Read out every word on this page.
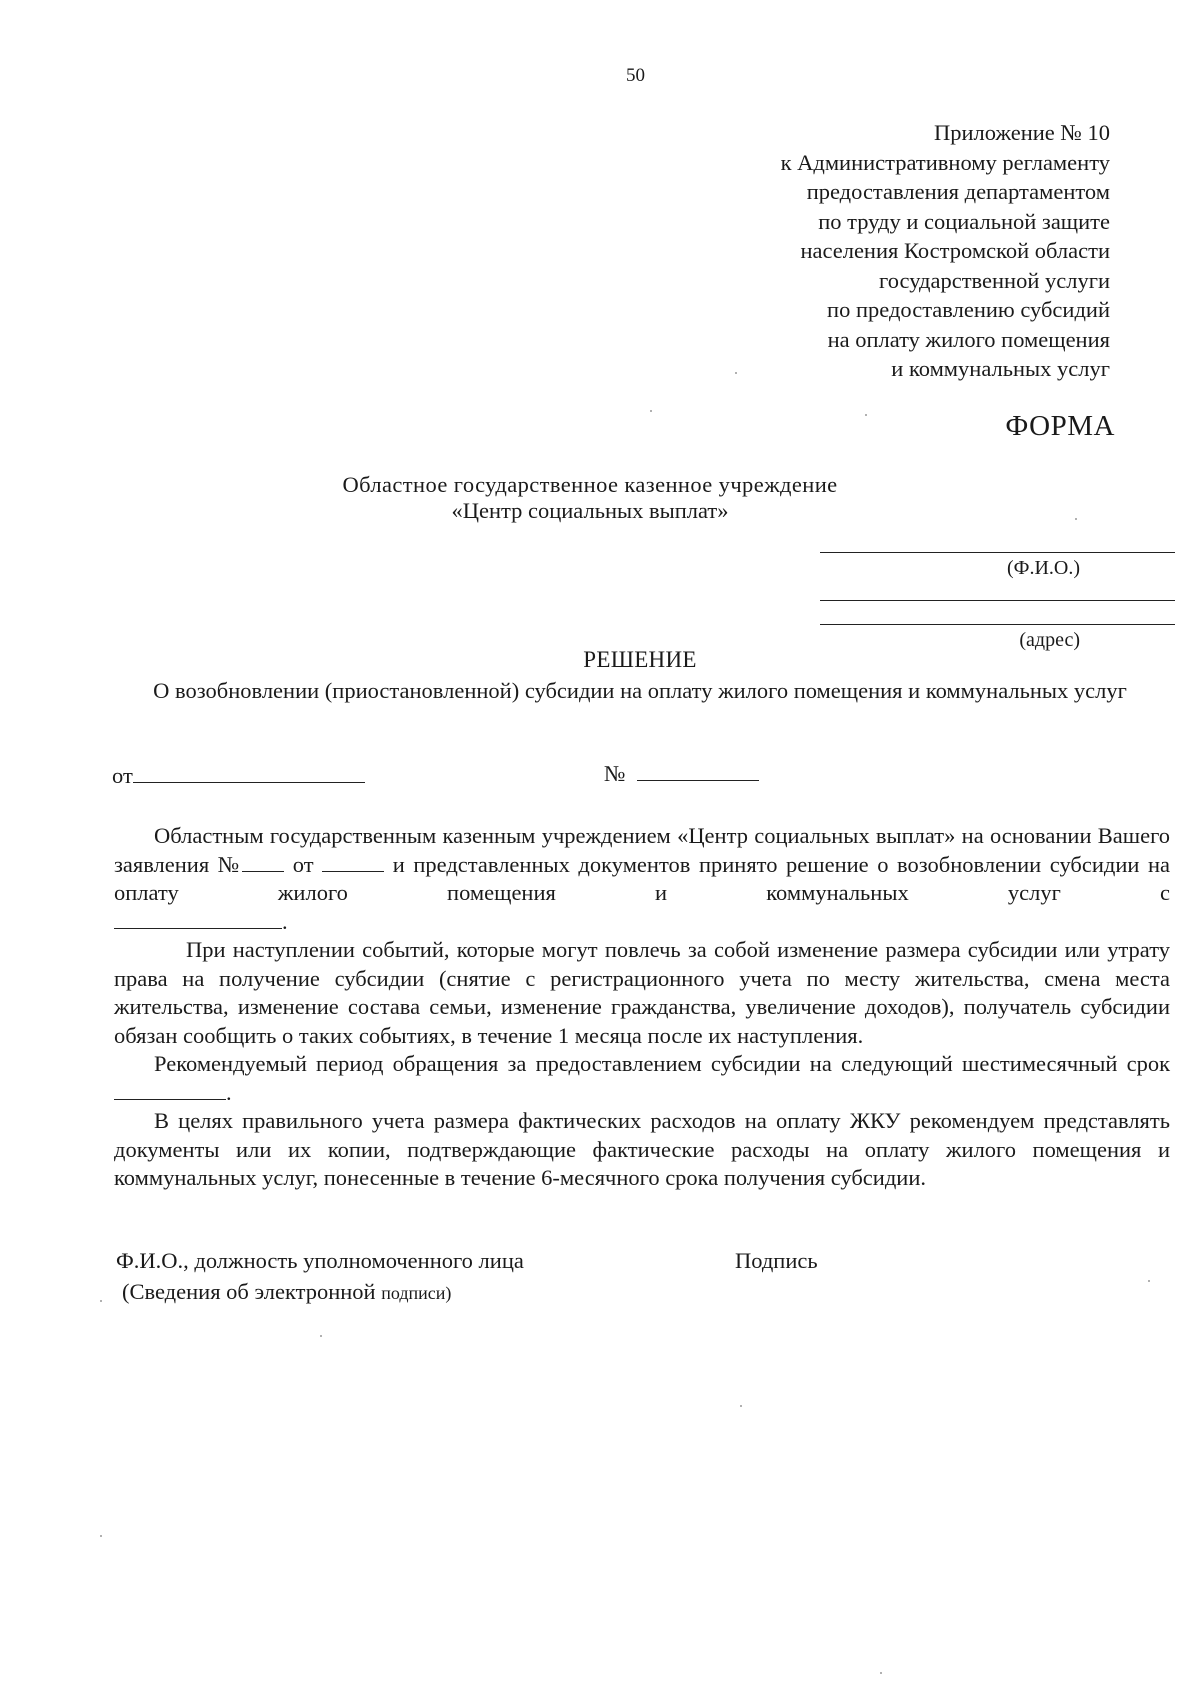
50
Приложение № 10
к Административному регламенту
предоставления департаментом
по труду и социальной защите
населения Костромской области
государственной услуги
по предоставлению субсидий
на оплату жилого помещения
и коммунальных услуг
ФОРМА
Областное государственное казенное учреждение
«Центр социальных выплат»
(Ф.И.О.)
(адрес)
РЕШЕНИЕ
О возобновлении (приостановленной) субсидии на оплату жилого помещения и коммунальных услуг
от	№

Областным государственным казенным учреждением «Центр социальных выплат» на основании Вашего заявления № от	и представленных документов принято решение о возобновлении субсидии на оплату жилого помещения и коммунальных услуг с

.

При наступлении событий, которые могут повлечь за собой изменение размера субсидии или утрату права на получение субсидии (снятие с регистрационного учета по месту жительства, смена места жительства, изменение состава семьи, изменение гражданства, увеличение доходов), получатель субсидии обязан сообщить о таких событиях, в течение 1 месяца после их наступления.

Рекомендуемый период обращения за предоставлением субсидии на следующий шестимесячный срок .

В целях правильного учета размера фактических расходов на оплату ЖКУ рекомендуем представлять документы или их копии, подтверждающие фактические расходы на оплату жилого помещения и коммунальных услуг, понесенные в течение 6-месячного срока получения субсидии.

Ф.И.О., должность уполномоченного лица	Подпись
(Сведения об электронной подписи)
